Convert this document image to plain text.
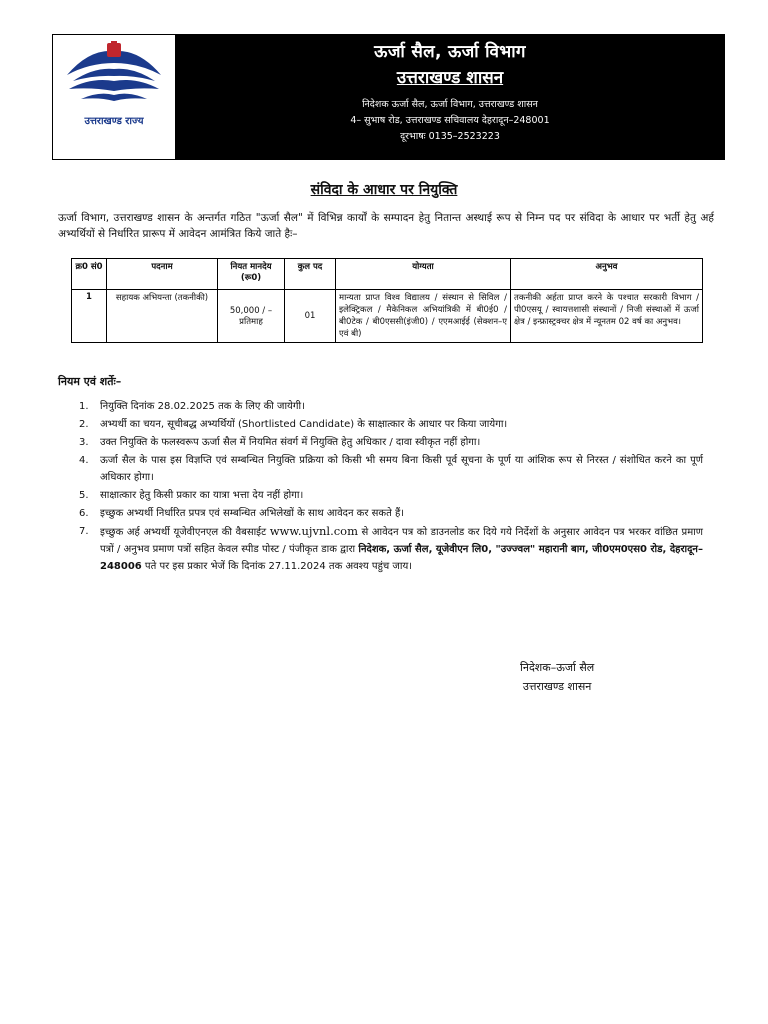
उत्तराखण्ड राज्य
ऊर्जा सैल, ऊर्जा विभाग
उत्तराखण्ड शासन
निदेशक ऊर्जा सैल, ऊर्जा विभाग, उत्तराखण्ड शासन
4– सुभाष रोड, उत्तराखण्ड सचिवालय देहरादून–248001
दूरभाषः 0135–2523223
संविदा के आधार पर नियुक्ति
ऊर्जा विभाग, उत्तराखण्ड शासन के अन्तर्गत गठित "ऊर्जा सैल" में विभिन्न कार्यों के सम्पादन हेतु नितान्त अस्थाई रूप से निम्न पद पर संविदा के आधार पर भर्ती हेतु अर्ह अभ्यर्थियों से निर्धारित प्रारूप में आवेदन आमंत्रित किये जाते हैः–
क्र0 सं0	पदनाम	नियत मानदेय (रू0)	कुल पद	योग्यता	अनुभव
1	सहायक अभियन्ता (तकनीकी)	50,000 / – प्रतिमाह	01	मान्यता प्राप्त विश्व विद्यालय / संस्थान से सिविल / इलेक्ट्रिकल / मैकेनिकल अभियांत्रिकी में बी0ई0 / बी0टेक / बी0एससी(इंजी0) / एएमआईई (सेक्शन–ए एवं बी)	तकनीकी अर्हता प्राप्त करने के पश्चात सरकारी विभाग / पी0एसयू / स्वायत्तशासी संस्थानों / निजी संस्थाओं में ऊर्जा क्षेत्र / इन्फ्रास्ट्रक्चर क्षेत्र में न्यूनतम 02 वर्ष का अनुभव।
नियम एवं शर्तेः–
1.	नियुक्ति दिनांक 28.02.2025 तक के लिए की जायेगी।
2.	अभ्यर्थी का चयन, सूचीबद्ध अभ्यर्थियों (Shortlisted Candidate) के साक्षात्कार के आधार पर किया जायेगा।
3.	उक्त नियुक्ति के फलस्वरूप ऊर्जा सैल में नियमित संवर्ग में नियुक्ति हेतु अधिकार / दावा स्वीकृत नहीं होगा।
4.	ऊर्जा सैल के पास इस विज्ञप्ति एवं सम्बन्धित नियुक्ति प्रक्रिया को किसी भी समय बिना किसी पूर्व सूचना के पूर्ण या आंशिक रूप से निरस्त / संशोधित करने का पूर्ण अधिकार होगा।
5.	साक्षात्कार हेतु किसी प्रकार का यात्रा भत्ता देय नहीं होगा।
6.	इच्छुक अभ्यर्थी निर्धारित प्रपत्र एवं सम्बन्धित अभिलेखों के साथ आवेदन कर सकते हैं।
7.	इच्छुक अर्ह अभ्यर्थी यूजेवीएनएल की वैबसाईट www.ujvnl.com से आवेदन पत्र को डाउनलोड कर दिये गये निर्देशों के अनुसार आवेदन पत्र भरकर वांछित प्रमाण पत्रों / अनुभव प्रमाण पत्रों सहित केवल स्पीड पोस्ट / पंजीकृत डाक द्वारा निदेशक, ऊर्जा सैल, यूजेवीएन लि0, "उज्ज्वल" महारानी बाग, जी0एम0एस0 रोड, देहरादून–248006 पते पर इस प्रकार भेजें कि दिनांक 27.11.2024 तक अवश्य पहुंच जाय।
निदेशक–ऊर्जा सैल
उत्तराखण्ड शासन
